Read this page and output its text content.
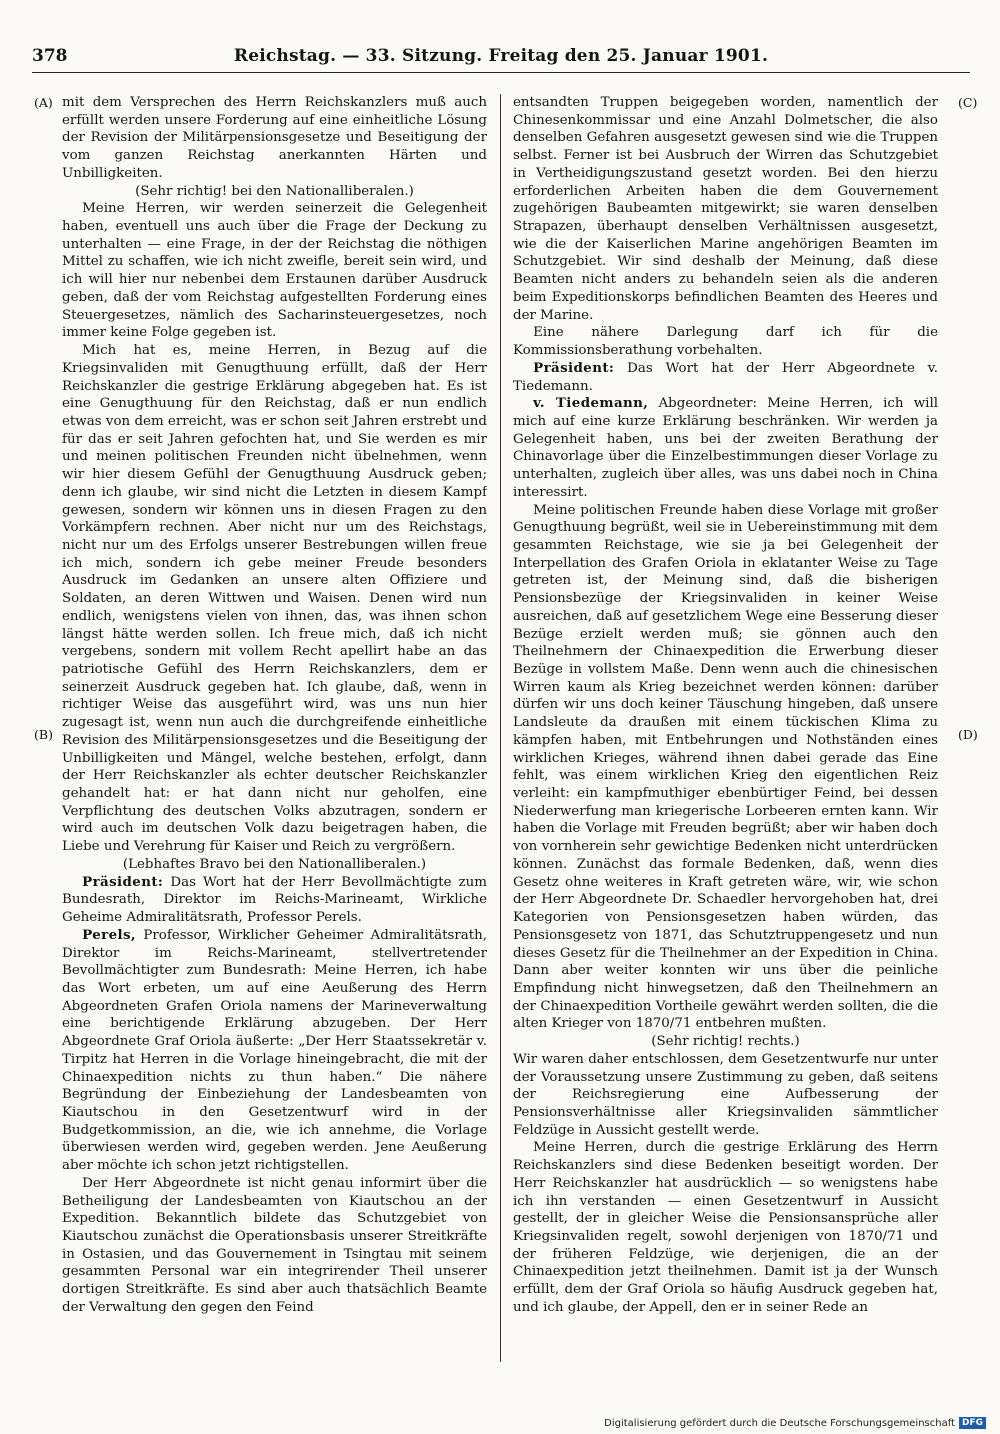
378	Reichstag. — 33. Sitzung. Freitag den 25. Januar 1901.
(A)
(B)
(C)
(D)

mit dem Versprechen des Herrn Reichskanzlers muß auch erfüllt werden unsere Forderung auf eine einheitliche Lösung der Revision der Militärpensionsgesetze und Beseitigung der vom ganzen Reichstag anerkannten Härten und Unbilligkeiten.

(Sehr richtig! bei den Nationalliberalen.)

Meine Herren, wir werden seinerzeit die Gelegenheit haben, eventuell uns auch über die Frage der Deckung zu unterhalten — eine Frage, in der der Reichstag die nöthigen Mittel zu schaffen, wie ich nicht zweifle, bereit sein wird, und ich will hier nur nebenbei dem Erstaunen darüber Ausdruck geben, daß der vom Reichstag aufgestellten Forderung eines Steuergesetzes, nämlich des Sacharinsteuergesetzes, noch immer keine Folge gegeben ist.

Mich hat es, meine Herren, in Bezug auf die Kriegsinvaliden mit Genugthuung erfüllt, daß der Herr Reichskanzler die gestrige Erklärung abgegeben hat. Es ist eine Genugthuung für den Reichstag, daß er nun endlich etwas von dem erreicht, was er schon seit Jahren erstrebt und für das er seit Jahren gefochten hat, und Sie werden es mir und meinen politischen Freunden nicht übelnehmen, wenn wir hier diesem Gefühl der Genugthuung Ausdruck geben; denn ich glaube, wir sind nicht die Letzten in diesem Kampf gewesen, sondern wir können uns in diesen Fragen zu den Vorkämpfern rechnen. Aber nicht nur um des Reichstags, nicht nur um des Erfolgs unserer Bestrebungen willen freue ich mich, sondern ich gebe meiner Freude besonders Ausdruck im Gedanken an unsere alten Offiziere und Soldaten, an deren Wittwen und Waisen. Denen wird nun endlich, wenigstens vielen von ihnen, das, was ihnen schon längst hätte werden sollen. Ich freue mich, daß ich nicht vergebens, sondern mit vollem Recht apellirt habe an das patriotische Gefühl des Herrn Reichskanzlers, dem er seinerzeit Ausdruck gegeben hat. Ich glaube, daß, wenn in richtiger Weise das ausgeführt wird, was uns nun hier zugesagt ist, wenn nun auch die durchgreifende einheitliche Revision des Militärpensionsgesetzes und die Beseitigung der Unbilligkeiten und Mängel, welche bestehen, erfolgt, dann der Herr Reichskanzler als echter deutscher Reichskanzler gehandelt hat: er hat dann nicht nur geholfen, eine Verpflichtung des deutschen Volks abzutragen, sondern er wird auch im deutschen Volk dazu beigetragen haben, die Liebe und Verehrung für Kaiser und Reich zu vergrößern.

(Lebhaftes Bravo bei den Nationalliberalen.)

Präsident: Das Wort hat der Herr Bevollmächtigte zum Bundesrath, Direktor im Reichs-Marineamt, Wirkliche Geheime Admiralitätsrath, Professor Perels.

Perels, Professor, Wirklicher Geheimer Admiralitätsrath, Direktor im Reichs-Marineamt, stellvertretender Bevollmächtigter zum Bundesrath: Meine Herren, ich habe das Wort erbeten, um auf eine Aeußerung des Herrn Abgeordneten Grafen Oriola namens der Marineverwaltung eine berichtigende Erklärung abzugeben. Der Herr Abgeordnete Graf Oriola äußerte: „Der Herr Staatssekretär v. Tirpitz hat Herren in die Vorlage hineingebracht, die mit der Chinaexpedition nichts zu thun haben.“ Die nähere Begründung der Einbeziehung der Landesbeamten von Kiautschou in den Gesetzentwurf wird in der Budgetkommission, an die, wie ich annehme, die Vorlage überwiesen werden wird, gegeben werden. Jene Aeußerung aber möchte ich schon jetzt richtigstellen.

Der Herr Abgeordnete ist nicht genau informirt über die Betheiligung der Landesbeamten von Kiautschou an der Expedition. Bekanntlich bildete das Schutzgebiet von Kiautschou zunächst die Operationsbasis unserer Streitkräfte in Ostasien, und das Gouvernement in Tsingtau mit seinem gesammten Personal war ein integrirender Theil unserer dortigen Streitkräfte. Es sind aber auch thatsächlich Beamte der Verwaltung den gegen den Feind

entsandten Truppen beigegeben worden, namentlich der Chinesenkommissar und eine Anzahl Dolmetscher, die also denselben Gefahren ausgesetzt gewesen sind wie die Truppen selbst. Ferner ist bei Ausbruch der Wirren das Schutzgebiet in Vertheidigungszustand gesetzt worden. Bei den hierzu erforderlichen Arbeiten haben die dem Gouvernement zugehörigen Baubeamten mitgewirkt; sie waren denselben Strapazen, überhaupt denselben Verhältnissen ausgesetzt, wie die der Kaiserlichen Marine angehörigen Beamten im Schutzgebiet. Wir sind deshalb der Meinung, daß diese Beamten nicht anders zu behandeln seien als die anderen beim Expeditionskorps befindlichen Beamten des Heeres und der Marine.

Eine nähere Darlegung darf ich für die Kommissionsberathung vorbehalten.

Präsident: Das Wort hat der Herr Abgeordnete v. Tiedemann.

v. Tiedemann, Abgeordneter: Meine Herren, ich will mich auf eine kurze Erklärung beschränken. Wir werden ja Gelegenheit haben, uns bei der zweiten Berathung der Chinavorlage über die Einzelbestimmungen dieser Vorlage zu unterhalten, zugleich über alles, was uns dabei noch in China interessirt.

Meine politischen Freunde haben diese Vorlage mit großer Genugthuung begrüßt, weil sie in Uebereinstimmung mit dem gesammten Reichstage, wie sie ja bei Gelegenheit der Interpellation des Grafen Oriola in eklatanter Weise zu Tage getreten ist, der Meinung sind, daß die bisherigen Pensionsbezüge der Kriegsinvaliden in keiner Weise ausreichen, daß auf gesetzlichem Wege eine Besserung dieser Bezüge erzielt werden muß; sie gönnen auch den Theilnehmern der Chinaexpedition die Erwerbung dieser Bezüge in vollstem Maße. Denn wenn auch die chinesischen Wirren kaum als Krieg bezeichnet werden können: darüber dürfen wir uns doch keiner Täuschung hingeben, daß unsere Landsleute da draußen mit einem tückischen Klima zu kämpfen haben, mit Entbehrungen und Nothständen eines wirklichen Krieges, während ihnen dabei gerade das Eine fehlt, was einem wirklichen Krieg den eigentlichen Reiz verleiht: ein kampfmuthiger ebenbürtiger Feind, bei dessen Niederwerfung man kriegerische Lorbeeren ernten kann. Wir haben die Vorlage mit Freuden begrüßt; aber wir haben doch von vornherein sehr gewichtige Bedenken nicht unterdrücken können. Zunächst das formale Bedenken, daß, wenn dies Gesetz ohne weiteres in Kraft getreten wäre, wir, wie schon der Herr Abgeordnete Dr. Schaedler hervorgehoben hat, drei Kategorien von Pensionsgesetzen haben würden, das Pensionsgesetz von 1871, das Schutztruppengesetz und nun dieses Gesetz für die Theilnehmer an der Expedition in China. Dann aber weiter konnten wir uns über die peinliche Empfindung nicht hinwegsetzen, daß den Theilnehmern an der Chinaexpedition Vortheile gewährt werden sollten, die die alten Krieger von 1870/71 entbehren mußten.

(Sehr richtig! rechts.)

Wir waren daher entschlossen, dem Gesetzentwurfe nur unter der Voraussetzung unsere Zustimmung zu geben, daß seitens der Reichsregierung eine Aufbesserung der Pensionsverhältnisse aller Kriegsinvaliden sämmtlicher Feldzüge in Aussicht gestellt werde.

Meine Herren, durch die gestrige Erklärung des Herrn Reichskanzlers sind diese Bedenken beseitigt worden. Der Herr Reichskanzler hat ausdrücklich — so wenigstens habe ich ihn verstanden — einen Gesetzentwurf in Aussicht gestellt, der in gleicher Weise die Pensionsansprüche aller Kriegsinvaliden regelt, sowohl derjenigen von 1870/71 und der früheren Feldzüge, wie derjenigen, die an der Chinaexpedition jetzt theilnehmen. Damit ist ja der Wunsch erfüllt, dem der Graf Oriola so häufig Ausdruck gegeben hat, und ich glaube, der Appell, den er in seiner Rede an

Digitalisierung gefördert durch die Deutsche Forschungsgemeinschaft DFG
